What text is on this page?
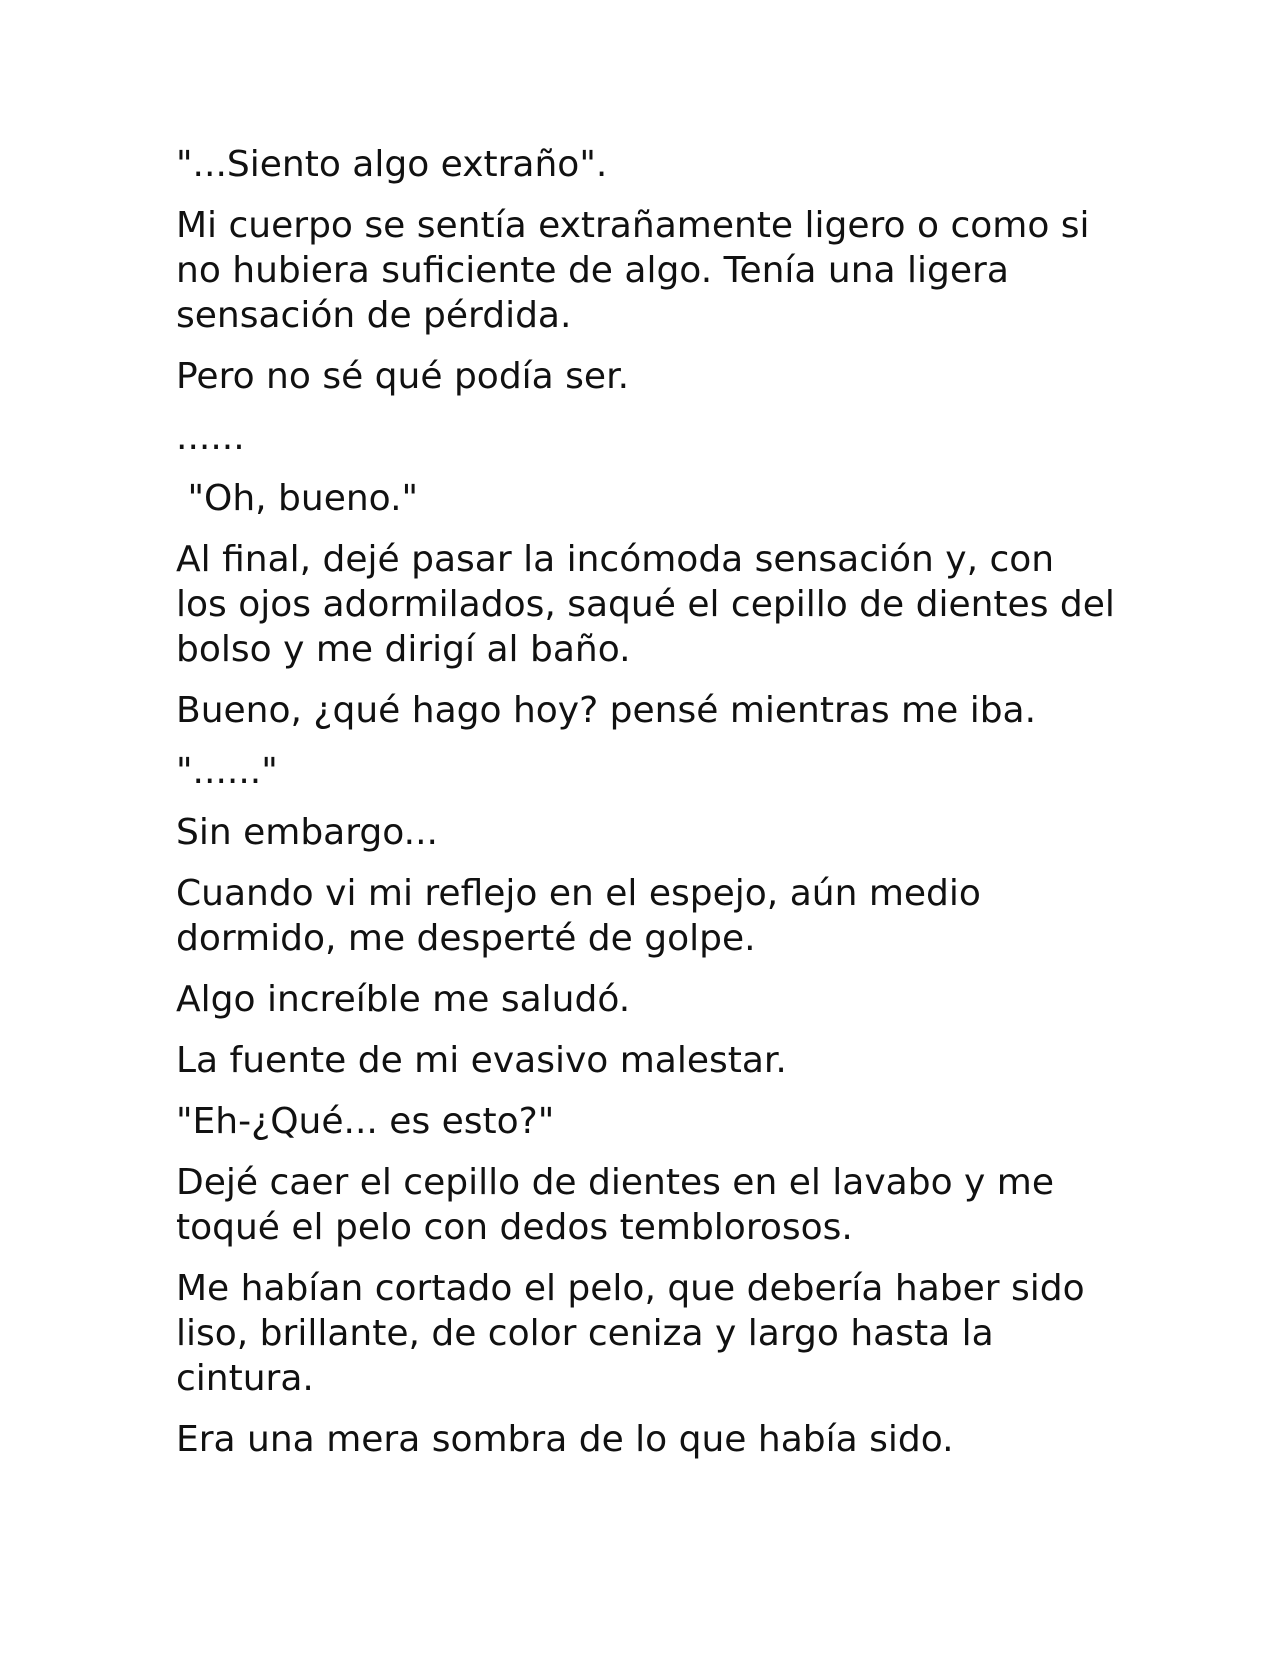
"...Siento algo extraño".

Mi cuerpo se sentía extrañamente ligero o como si no hubiera suficiente de algo. Tenía una ligera sensación de pérdida.

Pero no sé qué podía ser.

......

"Oh, bueno."

Al final, dejé pasar la incómoda sensación y, con los ojos adormilados, saqué el cepillo de dientes del bolso y me dirigí al baño.

Bueno, ¿qué hago hoy? pensé mientras me iba.

"......"

Sin embargo...

Cuando vi mi reflejo en el espejo, aún medio dormido, me desperté de golpe.

Algo increíble me saludó.

La fuente de mi evasivo malestar.

"Eh-¿Qué... es esto?"

Dejé caer el cepillo de dientes en el lavabo y me toqué el pelo con dedos temblorosos.

Me habían cortado el pelo, que debería haber sido liso, brillante, de color ceniza y largo hasta la cintura.

Era una mera sombra de lo que había sido.
